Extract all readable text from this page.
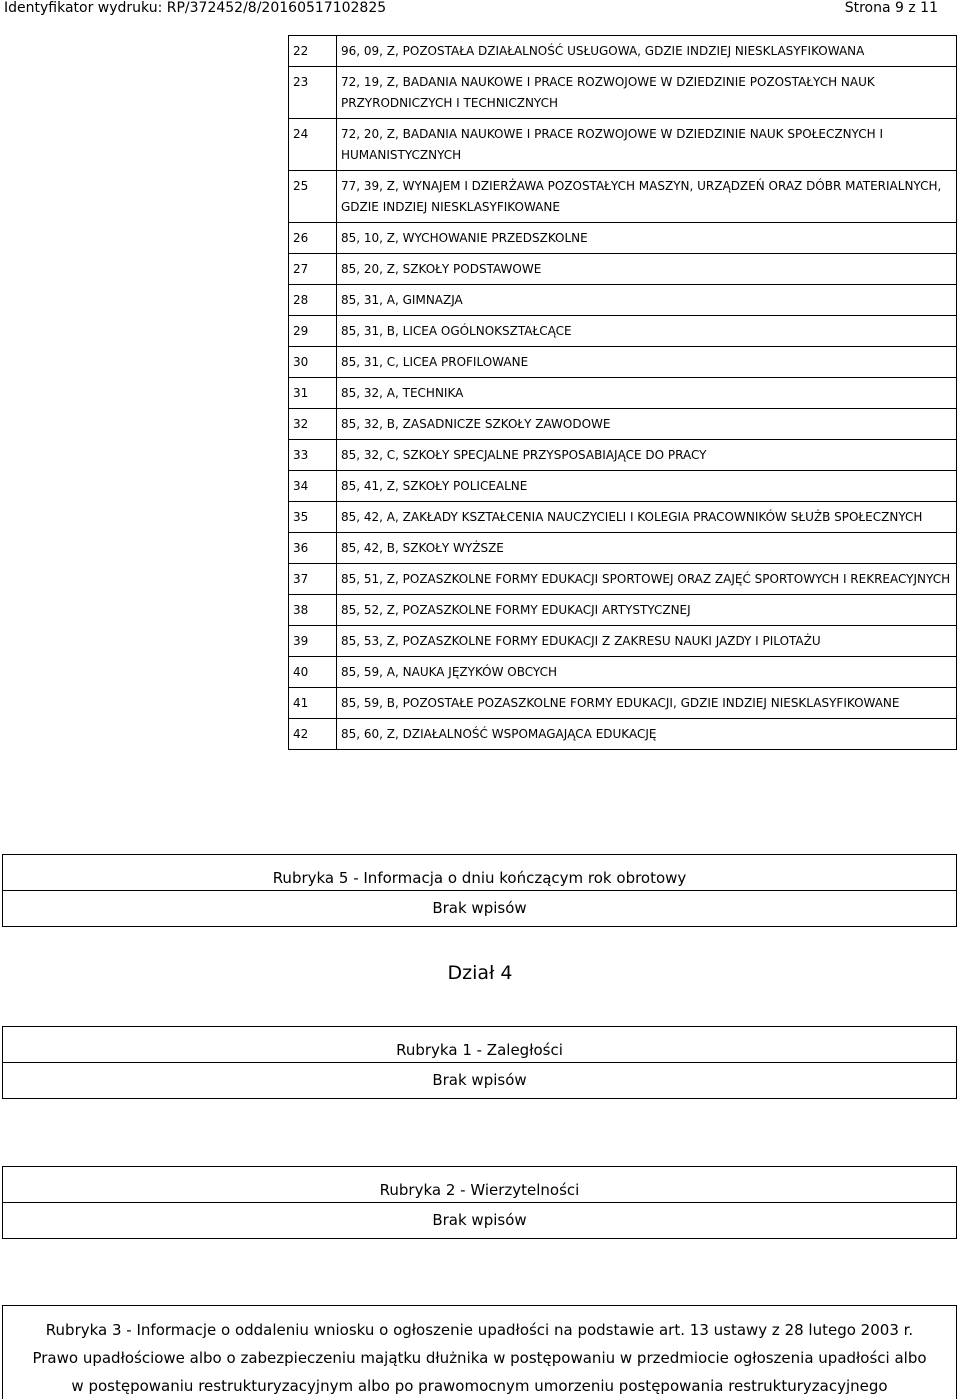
Identyfikator wydruku: RP/372452/8/20160517102825	Strona 9 z 11
22	96, 09, Z, POZOSTAŁA DZIAŁALNOŚĆ USŁUGOWA, GDZIE INDZIEJ NIESKLASYFIKOWANA
23	72, 19, Z, BADANIA NAUKOWE I PRACE ROZWOJOWE W DZIEDZINIE POZOSTAŁYCH NAUK PRZYRODNICZYCH I TECHNICZNYCH
24	72, 20, Z, BADANIA NAUKOWE I PRACE ROZWOJOWE W DZIEDZINIE NAUK SPOŁECZNYCH I HUMANISTYCZNYCH
25	77, 39, Z, WYNAJEM I DZIERŻAWA POZOSTAŁYCH MASZYN, URZĄDZEŃ ORAZ DÓBR MATERIALNYCH, GDZIE INDZIEJ NIESKLASYFIKOWANE
26	85, 10, Z, WYCHOWANIE PRZEDSZKOLNE
27	85, 20, Z, SZKOŁY PODSTAWOWE
28	85, 31, A, GIMNAZJA
29	85, 31, B, LICEA OGÓLNOKSZTAŁCĄCE
30	85, 31, C, LICEA PROFILOWANE
31	85, 32, A, TECHNIKA
32	85, 32, B, ZASADNICZE SZKOŁY ZAWODOWE
33	85, 32, C, SZKOŁY SPECJALNE PRZYSPOSABIAJĄCE DO PRACY
34	85, 41, Z, SZKOŁY POLICEALNE
35	85, 42, A, ZAKŁADY KSZTAŁCENIA NAUCZYCIELI I KOLEGIA PRACOWNIKÓW SŁUŻB SPOŁECZNYCH
36	85, 42, B, SZKOŁY WYŻSZE
37	85, 51, Z, POZASZKOLNE FORMY EDUKACJI SPORTOWEJ ORAZ ZAJĘĆ SPORTOWYCH I REKREACYJNYCH
38	85, 52, Z, POZASZKOLNE FORMY EDUKACJI ARTYSTYCZNEJ
39	85, 53, Z, POZASZKOLNE FORMY EDUKACJI Z ZAKRESU NAUKI JAZDY I PILOTAŻU
40	85, 59, A, NAUKA JĘZYKÓW OBCYCH
41	85, 59, B, POZOSTAŁE POZASZKOLNE FORMY EDUKACJI, GDZIE INDZIEJ NIESKLASYFIKOWANE
42	85, 60, Z, DZIAŁALNOŚĆ WSPOMAGAJĄCA EDUKACJĘ
Rubryka 5 - Informacja o dniu kończącym rok obrotowy
Brak wpisów
Dział 4
Rubryka 1 - Zaległości
Brak wpisów
Rubryka 2 - Wierzytelności
Brak wpisów
Rubryka 3 - Informacje o oddaleniu wniosku o ogłoszenie upadłości na podstawie art. 13 ustawy z 28 lutego 2003 r.
Prawo upadłościowe albo o zabezpieczeniu majątku dłużnika w postępowaniu w przedmiocie ogłoszenia upadłości albo
w postępowaniu restrukturyzacyjnym albo po prawomocnym umorzeniu postępowania restrukturyzacyjnego
